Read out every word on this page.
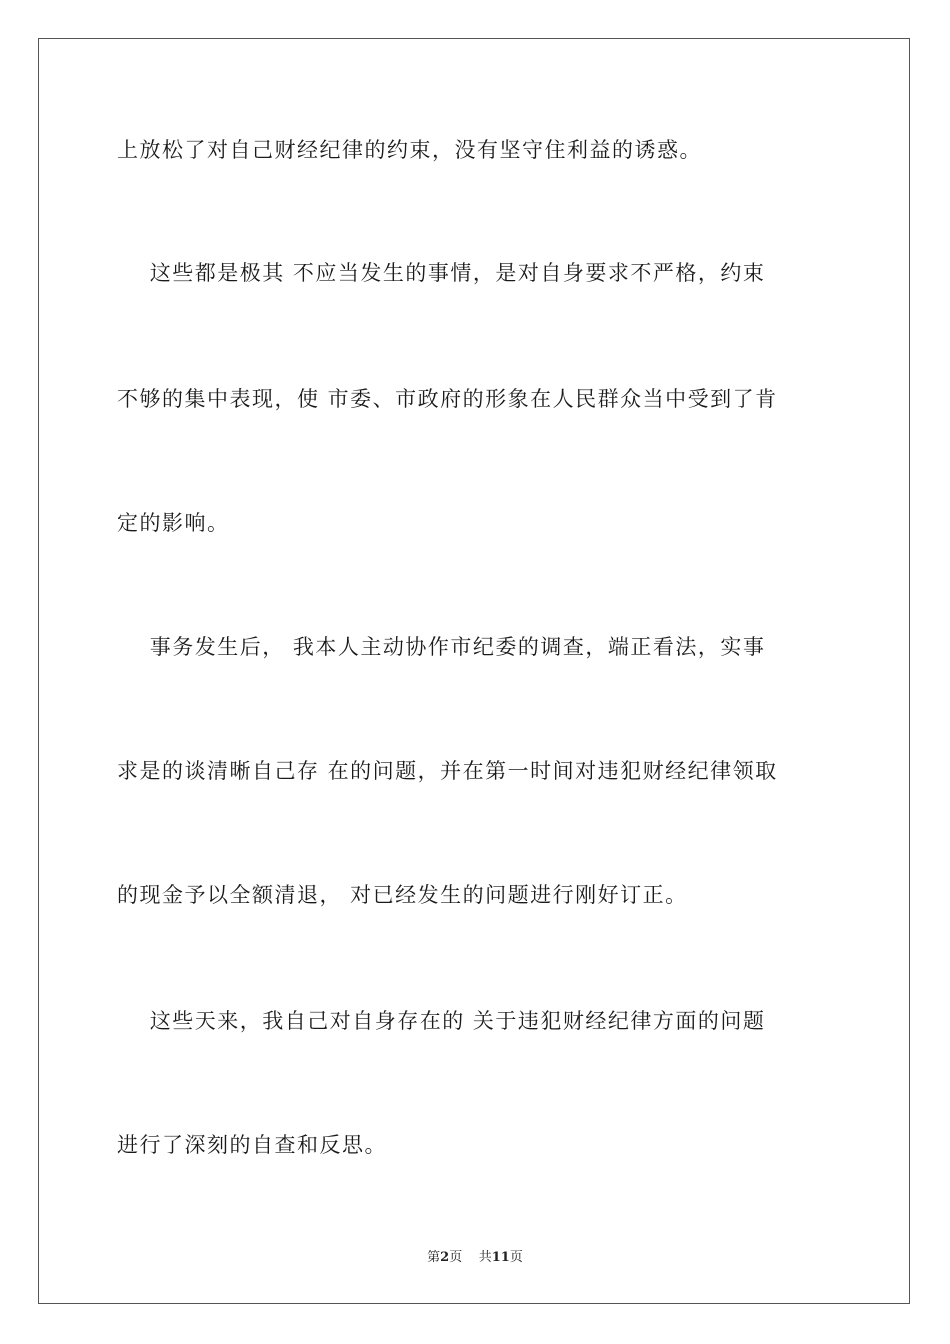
上放松了对自己财经纪律的约束，没有坚守住利益的诱惑。
这些都是极其 不应当发生的事情，是对自身要求不严格，约束
不够的集中表现，使 市委、市政府的形象在人民群众当中受到了肯
定的影响。
事务发生后， 我本人主动协作市纪委的调查，端正看法，实事
求是的谈清晰自己存 在的问题，并在第一时间对违犯财经纪律领取
的现金予以全额清退， 对已经发生的问题进行刚好订正。
这些天来，我自己对自身存在的 关于违犯财经纪律方面的问题
进行了深刻的自查和反思。
第2页 共11页
